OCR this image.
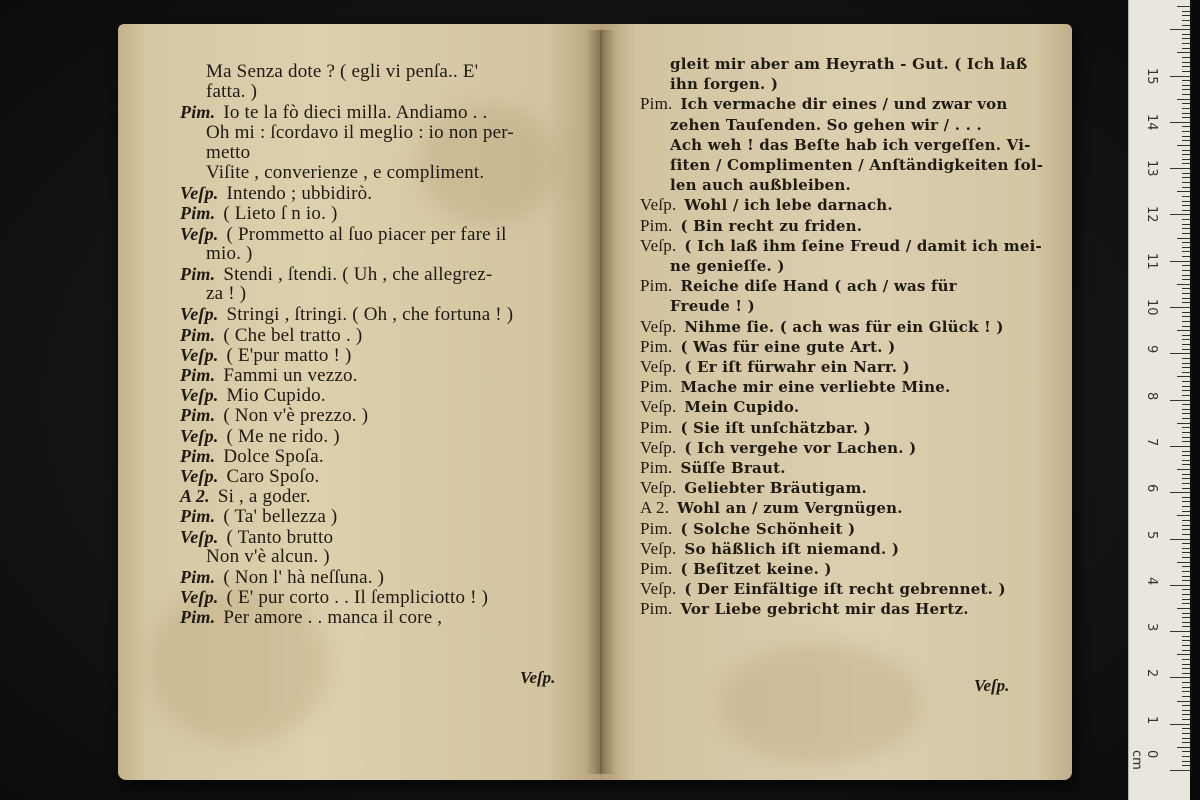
Ma Senza dote ? ( egli vi penſa.. E'
fatta. )
Pim. Io te la fò dieci milla. Andiamo . .
Oh mi : ſcordavo il meglio : io non per-
metto
Viſite , converienze , e compliment.
Veſp. Intendo ; ubbidirò.
Pim. ( Lieto ſ n io. )
Veſp. ( Prommetto al ſuo piacer per fare il
mio. )
Pim. Stendi , ſtendi. ( Uh , che allegrez-
za ! )
Veſp. Stringi , ſtringi. ( Oh , che fortuna ! )
Pim. ( Che bel tratto . )
Veſp. ( E'pur matto ! )
Pim. Fammi un vezzo.
Veſp. Mio Cupido.
Pim. ( Non v'è prezzo. )
Veſp. ( Me ne rido. )
Pim. Dolce Spoſa.
Veſp. Caro Spoſo.
A 2. Si , a goder.
Pim. ( Ta' bellezza )
Veſp. ( Tanto brutto
Non v'è alcun. )
Pim. ( Non l' hà neſſuna. )
Veſp. ( E' pur corto . . Il ſempliciotto ! )
Pim. Per amore . . manca il core ,
Veſp.
gleit mir aber am Heyrath - Gut. ( Ich laß
ihn ſorgen. )
Pim. Ich vermache dir eines / und zwar von
zehen Tauſenden. So gehen wir / . . .
Ach weh ! das Beſte hab ich vergeſſen. Vi-
ſiten / Complimenten / Anſtändigkeiten ſol-
len auch außbleiben.
Veſp. Wohl / ich lebe darnach.
Pim. ( Bin recht zu friden.
Veſp. ( Ich laß ihm ſeine Freud / damit ich mei-
ne genieſſe. )
Pim. Reiche diſe Hand ( ach / was für
Freude ! )
Veſp. Nihme ſie. ( ach was für ein Glück ! )
Pim. ( Was für eine gute Art. )
Veſp. ( Er iſt fürwahr ein Narr. )
Pim. Mache mir eine verliebte Mine.
Veſp. Mein Cupido.
Pim. ( Sie iſt unſchätzbar. )
Veſp. ( Ich vergehe vor Lachen. )
Pim. Süſſe Braut.
Veſp. Geliebter Bräutigam.
A 2. Wohl an / zum Vergnügen.
Pim. ( Solche Schönheit )
Veſp. So häßlich iſt niemand. )
Pim. ( Beſitzet keine. )
Veſp. ( Der Einfältige iſt recht gebrennet. )
Pim. Vor Liebe gebricht mir das Hertz.
Veſp.
0 cm
1
2
3
4
5
6
7
8
9
10
11
12
13
14
15
